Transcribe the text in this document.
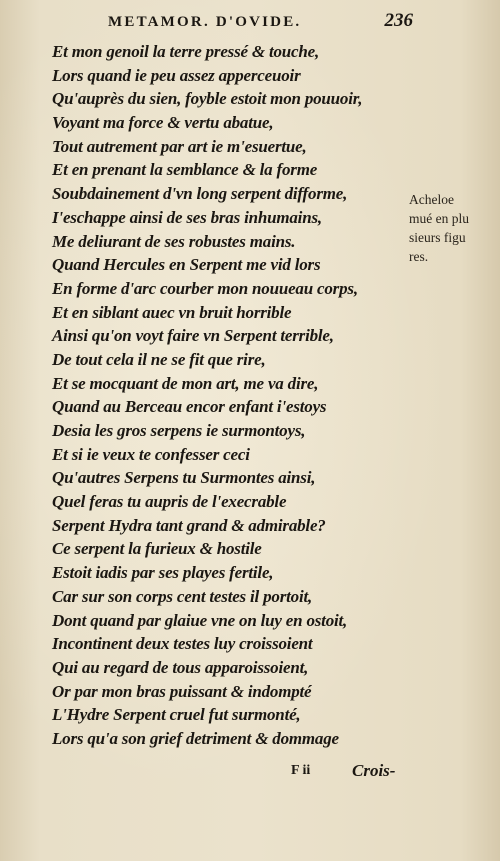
METAMOR. D'OVIDE.	236
Et mon genoil la terre pressé & touche,
Lors quand ie peu assez apperceuoir
Qu'auprès du sien, foyble estoit mon pouuoir,
Voyant ma force & vertu abatue,
Tout autrement par art ie m'esuertue,
Et en prenant la semblance & la forme
Soubdainement d'vn long serpent difforme,
I'eschappe ainsi de ses bras inhumains,
Me deliurant de ses robustes mains.
Quand Hercules en Serpent me vid lors
En forme d'arc courber mon nouueau corps,
Et en siblant auec vn bruit horrible
Ainsi qu'on voyt faire vn Serpent terrible,
De tout cela il ne se fit que rire,
Et se mocquant de mon art, me va dire,
Quand au Berceau encor enfant i'estoys
Desia les gros serpens ie surmontoys,
Et si ie veux te confesser ceci
Qu'autres Serpens tu Surmontes ainsi,
Quel feras tu aupris de l'execrable
Serpent Hydra tant grand & admirable?
Ce serpent la furieux & hostile
Estoit iadis par ses playes fertile,
Car sur son corps cent testes il portoit,
Dont quand par glaiue vne on luy en ostoit,
Incontinent deux testes luy croissoient
Qui au regard de tous apparoissoient,
Or par mon bras puissant & indompté
L'Hydre Serpent cruel fut surmonté,
Lors qu'a son grief detriment & dommage
Acheloe
mué en plu
sieurs figu
res.
F ii Crois-
